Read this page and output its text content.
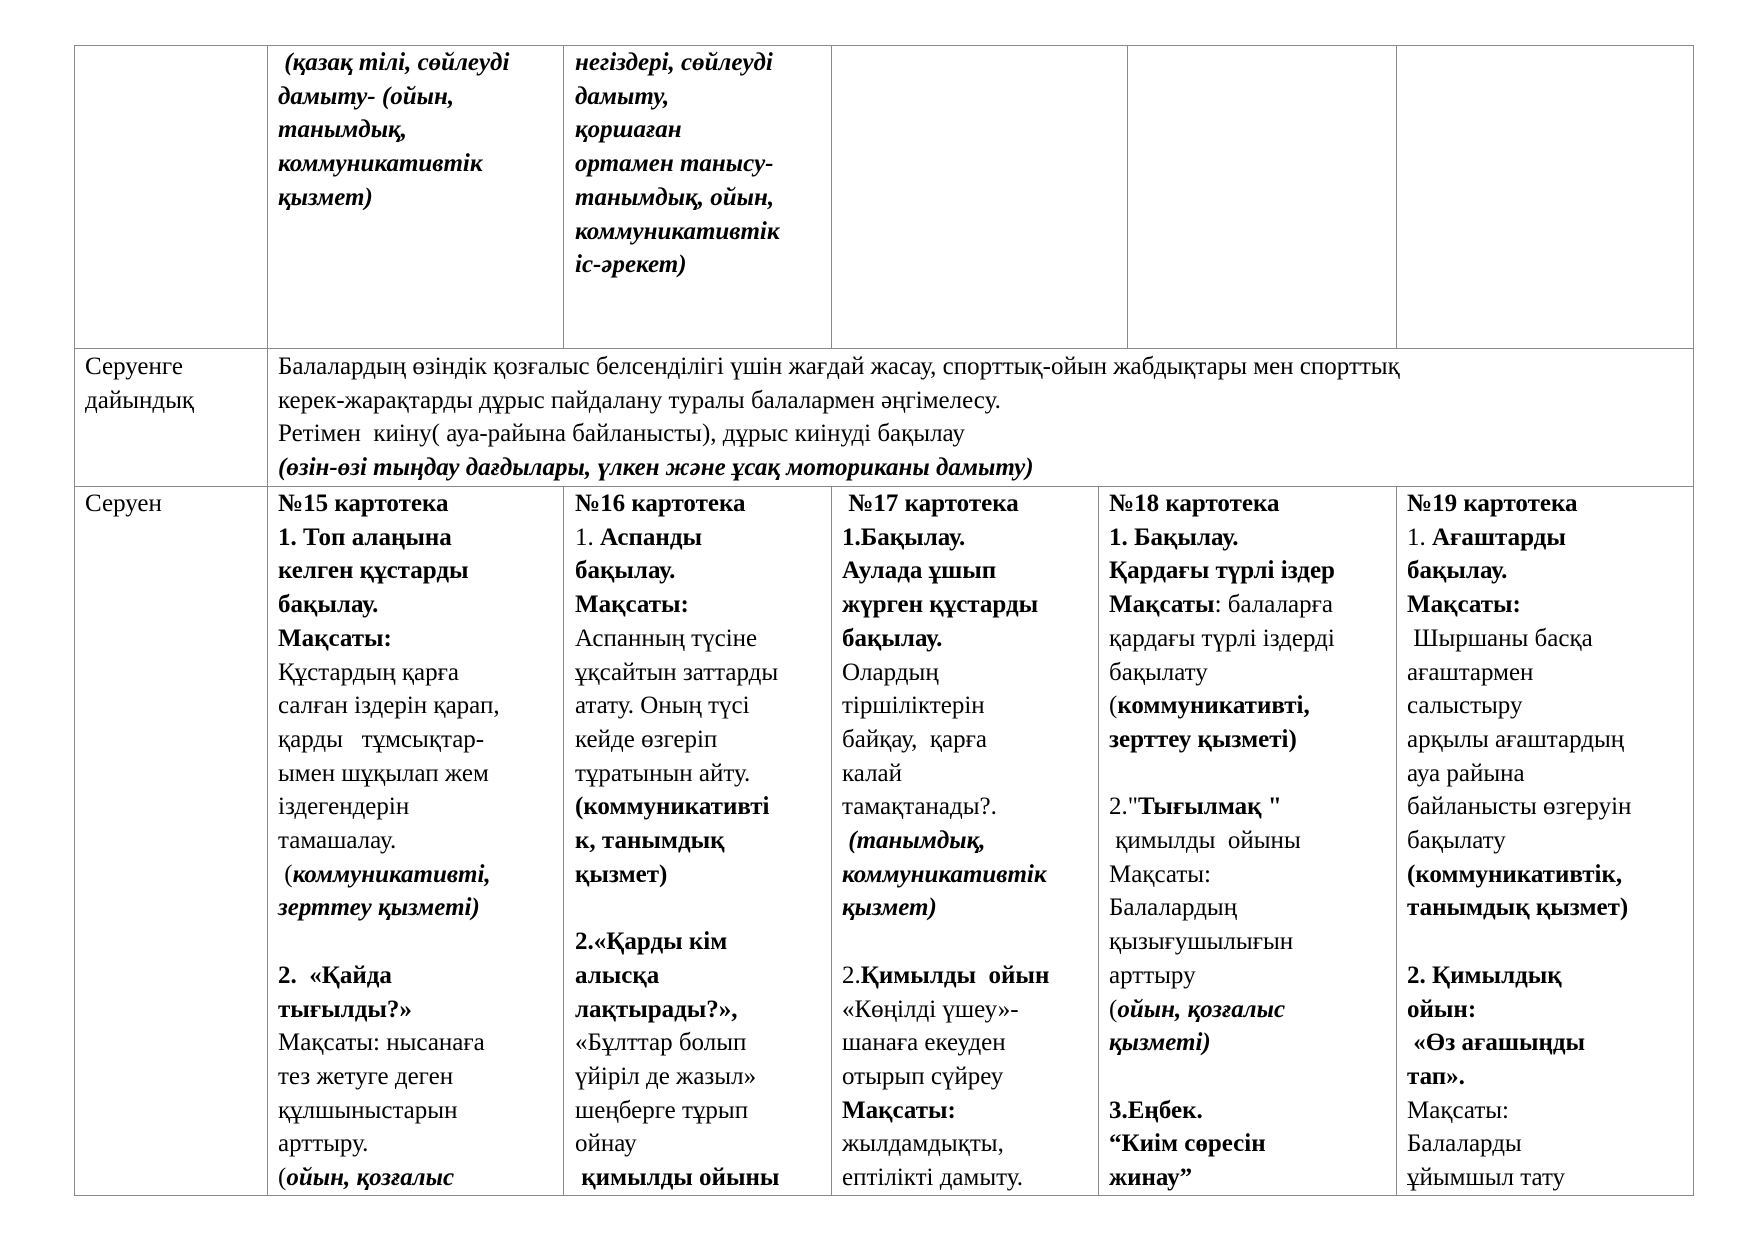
(қазақ тілі, сөйлеуді
дамыту- (ойын,
танымдық,
коммуникативтік
қызмет)
негіздері, сөйлеуді
дамыту,
қоршаған
ортамен танысу-
танымдық, ойын,
коммуникативтік
іс-әрекет)
Серуенге
дайындық
Балалардың өзіндік қозғалыс белсенділігі үшін жағдай жасау, спорттық-ойын жабдықтары мен спорттық
керек-жарақтарды дұрыс пайдалану туралы балалармен әңгімелесу.
Ретімен  киіну( ауа-райына байланысты), дұрыс киінуді бақылау
(өзін-өзі тыңдау дағдылары, үлкен және ұсақ моториканы дамыту)
Серуен	№15 картотека
1. Топ алаңына
келген құстарды
бақылау.
Мақсаты:
Құстардың қарға
салған іздерін қарап,
қарды   тұмсықтар-
ымен шұқылап жем
іздегендерін
тамашалау.
(коммуникативті,
зерттеу қызметі)
2.  «Қайда
тығылды?»
Мақсаты: нысанаға
тез жетуге деген
құлшыныстарын
арттыру.
(ойын, қозғалыс
№16 картотека
1. Аспанды
бақылау.
Мақсаты:
Аспанның түсіне
ұқсайтын заттарды
атату. Оның түсі
кейде өзгеріп
тұратынын айту.
(коммуникативті
к, танымдық
қызмет)
2.«Қарды кім
алысқа
лақтырады?»,
«Бұлттар болып
үйіріл де жазыл»
шеңберге тұрып
ойнау
қимылды ойыны
№17 картотека
1.Бақылау.
Аулада ұшып
жүрген құстарды
бақылау.
Олардың
тіршіліктерін
байқау,  қарға
калай
тамақтанады?.
(танымдық,
коммуникативтік
қызмет)
2.Қимылды  ойын
«Көңілді үшеу»-
шанаға екеуден
отырып сүйреу
Мақсаты:
жылдамдықты,
ептілікті дамыту.
№18 картотека
1. Бақылау.
Қардағы түрлі іздер
Мақсаты: балаларға
қардағы түрлі іздерді
бақылату
(коммуникативті,
зерттеу қызметі)
2."Тығылмақ "
қимылды  ойыны
Мақсаты:
Балалардың
қызығушылығын
арттыру
(ойын, қозғалыс
қызметі)
3.Еңбек.
“Киім сөресін
жинау”
№19 картотека
1. Ағаштарды
бақылау.
Мақсаты:
Шыршаны басқа
ағаштармен
салыстыру
арқылы ағаштардың
ауа райына
байланысты өзгеруін
бақылату
(коммуникативтік,
танымдық қызмет)
2. Қимылдық
ойын:
«Өз ағашыңды
тап».
Мақсаты:
Балаларды
ұйымшыл тату
